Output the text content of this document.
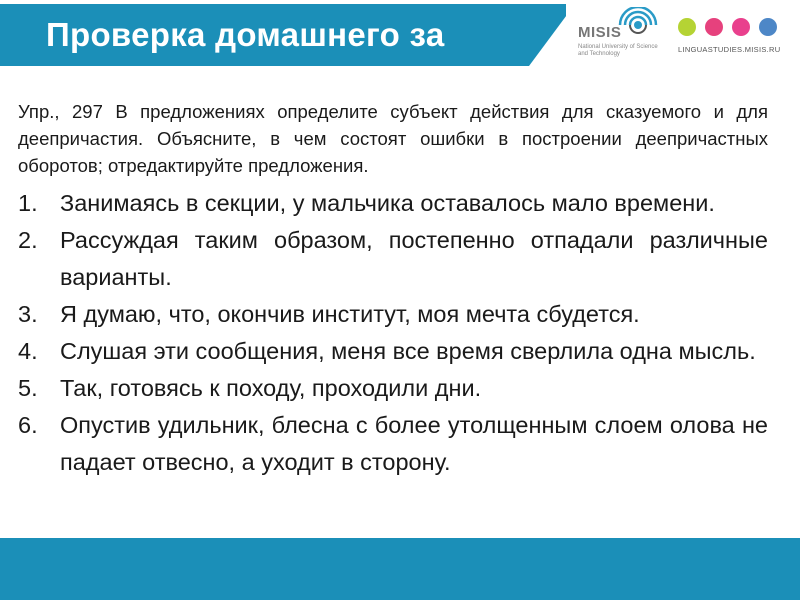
Проверка домашнего за	MISIS
National University of Science and Technology	LINGUASTUDIES.MISIS.RU
Упр., 297 В предложениях определите субъект действия для сказуемого и для деепричастия. Объясните, в чем состоят ошибки в построении деепричастных оборотов; отредактируйте предложения.
1. Занимаясь в секции, у мальчика оставалось мало времени.
2. Рассуждая таким образом, постепенно отпадали различные варианты.
3. Я думаю, что, окончив институт, моя мечта сбудется.
4. Слушая эти сообщения, меня все время сверлила одна мысль.
5. Так, готовясь к походу, проходили дни.
6. Опустив удильник, блесна с более утолщенным слоем олова не падает отвесно, а уходит в сторону.
